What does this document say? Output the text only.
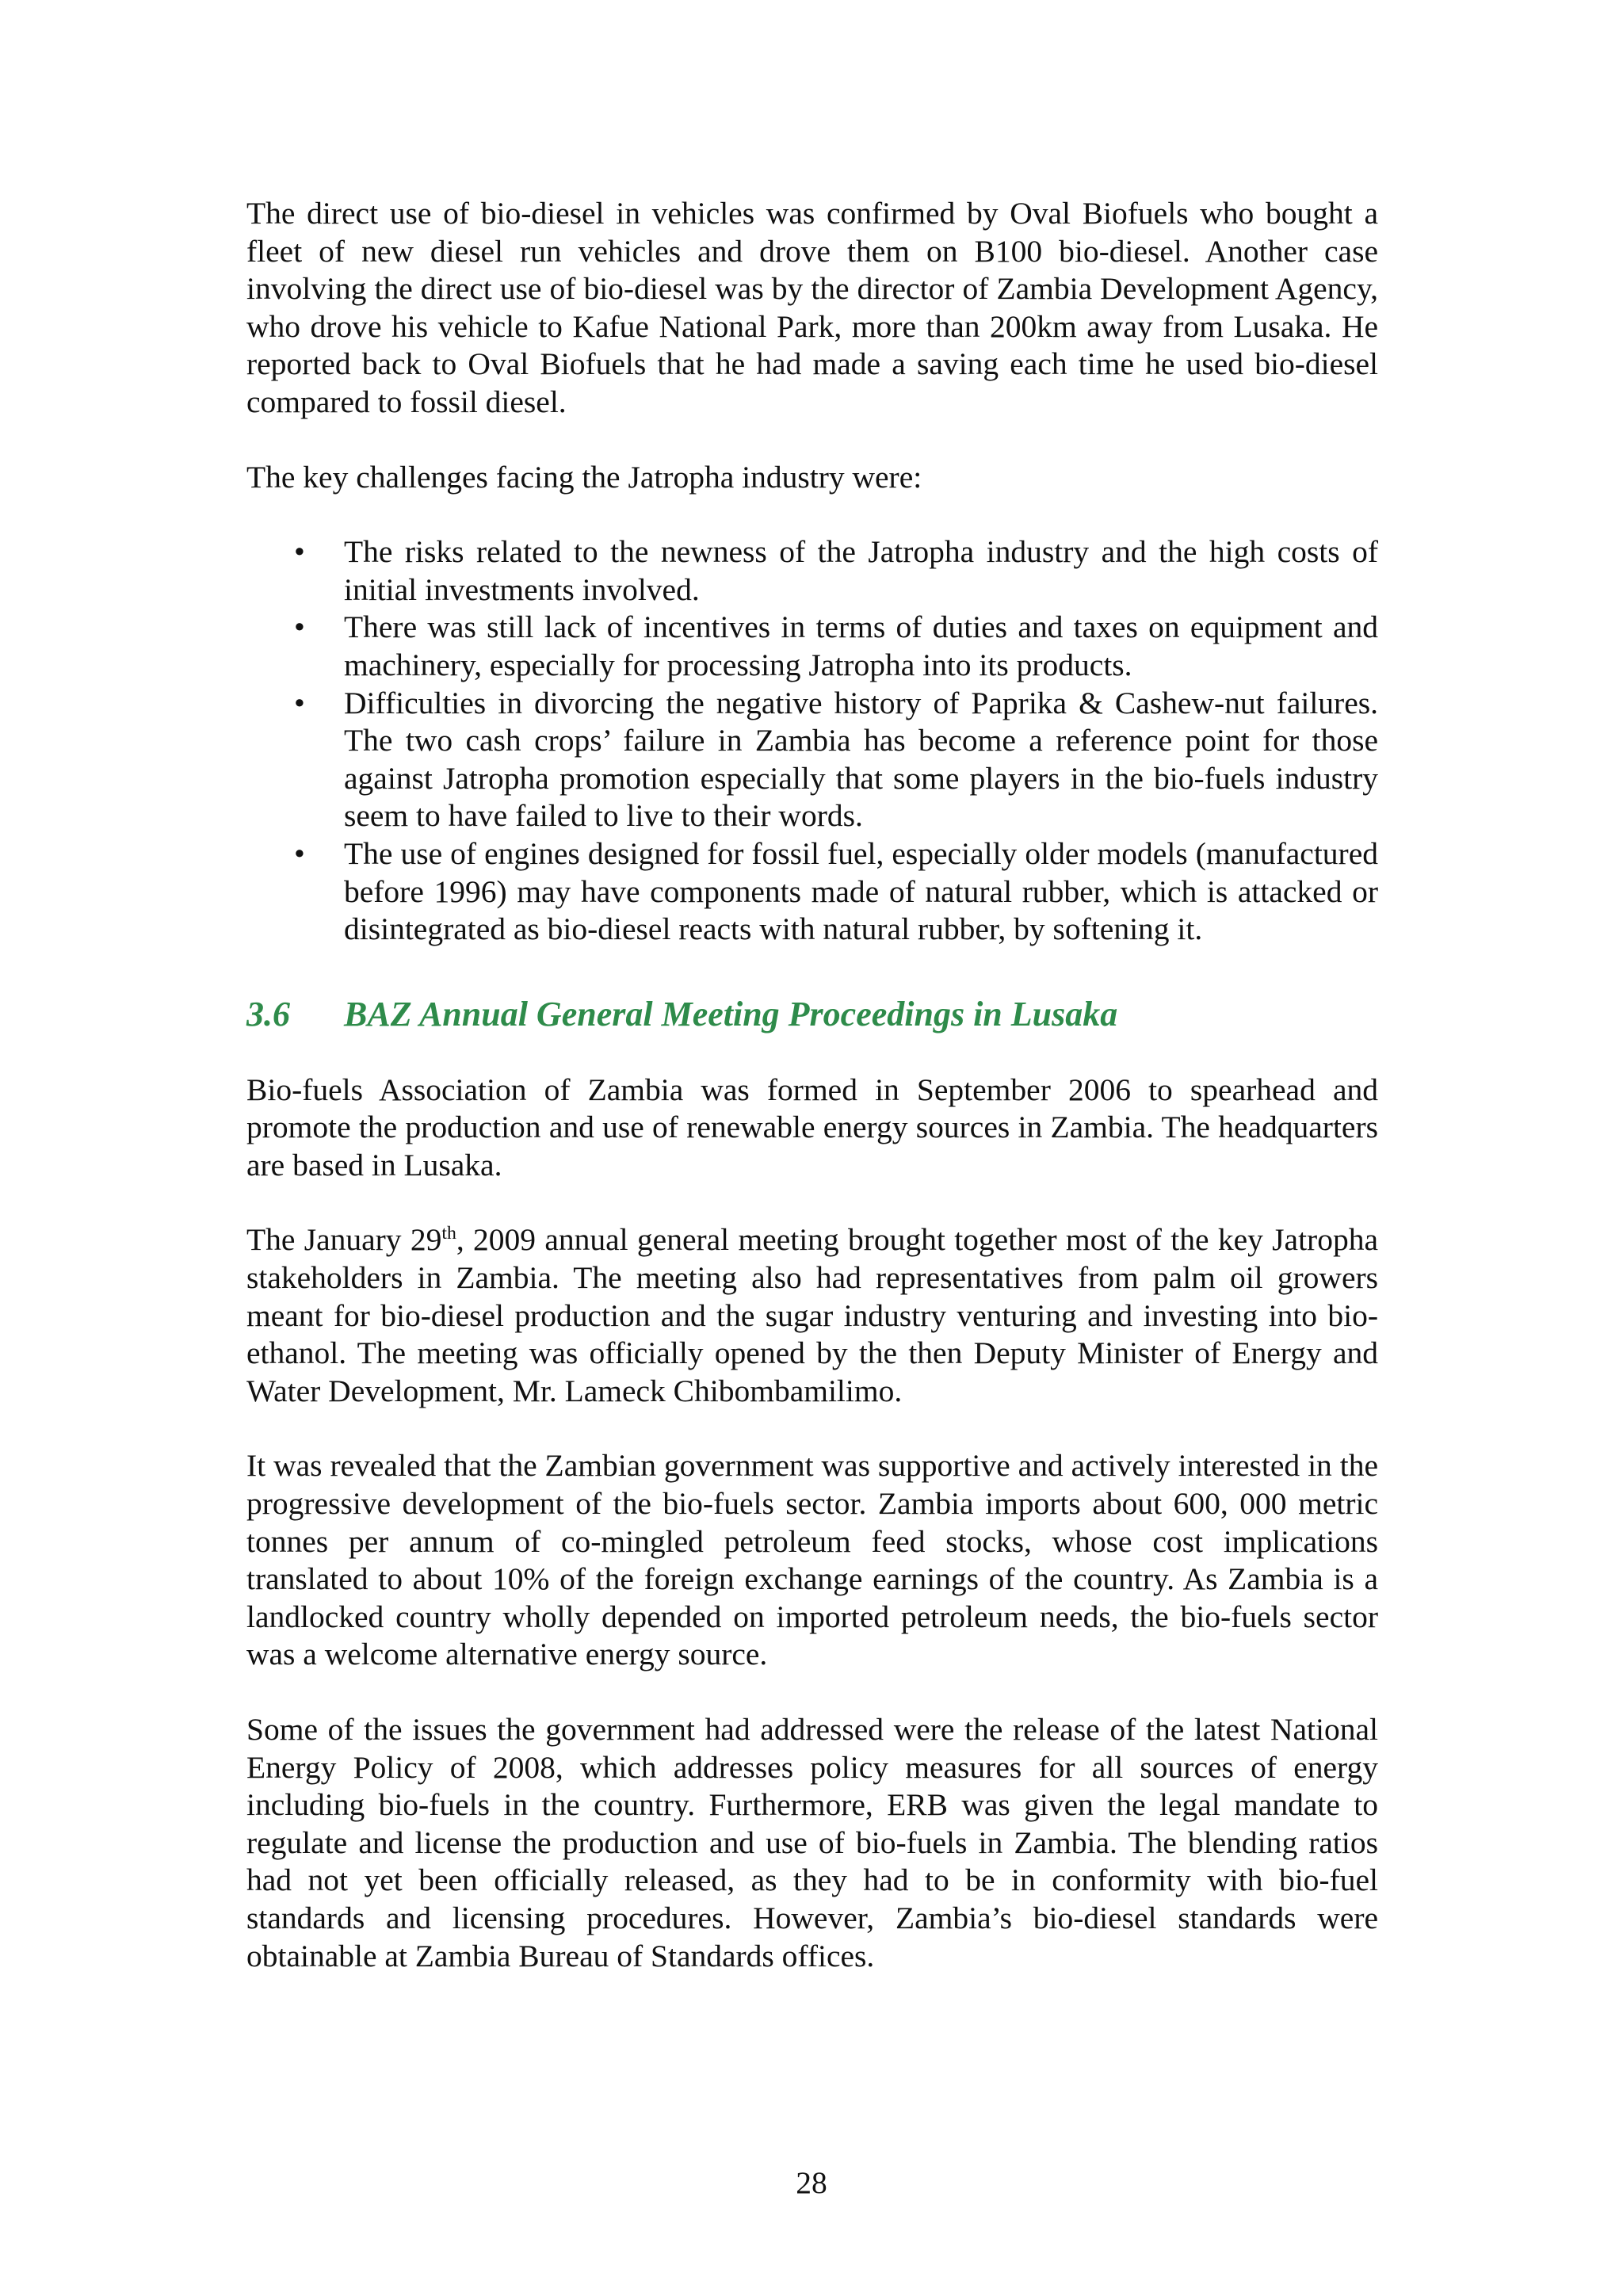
The direct use of bio-diesel in vehicles was confirmed by Oval Biofuels who bought a fleet of new diesel run vehicles and drove them on B100 bio-diesel. Another case involving the direct use of bio-diesel was by the director of Zambia Development Agency, who drove his vehicle to Kafue National Park, more than 200km away from Lusaka. He reported back to Oval Biofuels that he had made a saving each time he used bio-diesel compared to fossil diesel.

The key challenges facing the Jatropha industry were:

• The risks related to the newness of the Jatropha industry and the high costs of initial investments involved.
• There was still lack of incentives in terms of duties and taxes on equipment and machinery, especially for processing Jatropha into its products.
• Difficulties in divorcing the negative history of Paprika & Cashew-nut failures. The two cash crops’ failure in Zambia has become a reference point for those against Jatropha promotion especially that some players in the bio-fuels industry seem to have failed to live to their words.
• The use of engines designed for fossil fuel, especially older models (manufactured before 1996) may have components made of natural rubber, which is attacked or disintegrated as bio-diesel reacts with natural rubber, by softening it.
3.6	BAZ Annual General Meeting Proceedings in Lusaka

Bio-fuels Association of Zambia was formed in September 2006 to spearhead and promote the production and use of renewable energy sources in Zambia. The headquarters are based in Lusaka.

The January 29th, 2009 annual general meeting brought together most of the key Jatropha stakeholders in Zambia. The meeting also had representatives from palm oil growers meant for bio-diesel production and the sugar industry venturing and investing into bio-ethanol. The meeting was officially opened by the then Deputy Minister of Energy and Water Development, Mr. Lameck Chibombamilimo.

It was revealed that the Zambian government was supportive and actively interested in the progressive development of the bio-fuels sector. Zambia imports about 600, 000 metric tonnes per annum of co-mingled petroleum feed stocks, whose cost implications translated to about 10% of the foreign exchange earnings of the country. As Zambia is a landlocked country wholly depended on imported petroleum needs, the bio-fuels sector was a welcome alternative energy source.

Some of the issues the government had addressed were the release of the latest National Energy Policy of 2008, which addresses policy measures for all sources of energy including bio-fuels in the country. Furthermore, ERB was given the legal mandate to regulate and license the production and use of bio-fuels in Zambia. The blending ratios had not yet been officially released, as they had to be in conformity with bio-fuel standards and licensing procedures. However, Zambia’s bio-diesel standards were obtainable at Zambia Bureau of Standards offices.

28
